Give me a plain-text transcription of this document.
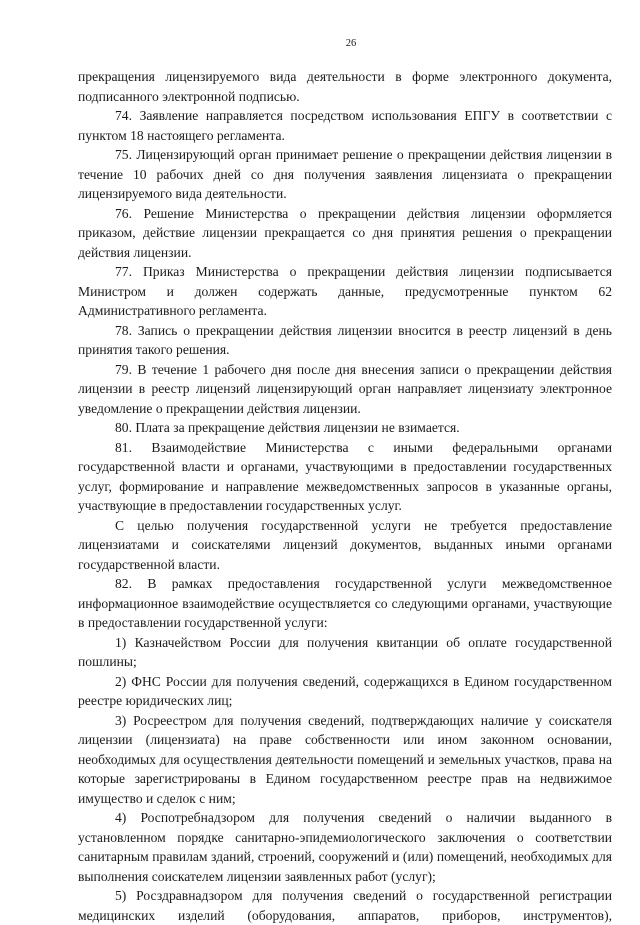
26

прекращения лицензируемого вида деятельности в форме электронного документа, подписанного электронной подписью.

74. Заявление направляется посредством использования ЕПГУ в соответствии с пунктом 18 настоящего регламента.

75. Лицензирующий орган принимает решение о прекращении действия лицензии в течение 10 рабочих дней со дня получения заявления лицензиата о прекращении лицензируемого вида деятельности.

76. Решение Министерства о прекращении действия лицензии оформляется приказом, действие лицензии прекращается со дня принятия решения о прекращении действия лицензии.

77. Приказ Министерства о прекращении действия лицензии подписывается Министром и должен содержать данные, предусмотренные пунктом 62 Административного регламента.

78. Запись о прекращении действия лицензии вносится в реестр лицензий в день принятия такого решения.

79. В течение 1 рабочего дня после дня внесения записи о прекращении действия лицензии в реестр лицензий лицензирующий орган направляет лицензиату электронное уведомление о прекращении действия лицензии.

80. Плата за прекращение действия лицензии не взимается.

81. Взаимодействие Министерства с иными федеральными органами государственной власти и органами, участвующими в предоставлении государственных услуг, формирование и направление межведомственных запросов в указанные органы, участвующие в предоставлении государственных услуг.

С целью получения государственной услуги не требуется предоставление лицензиатами и соискателями лицензий документов, выданных иными органами государственной власти.

82. В рамках предоставления государственной услуги межведомственное информационное взаимодействие осуществляется со следующими органами, участвующие в предоставлении государственной услуги:

1) Казначейством России для получения квитанции об оплате государственной пошлины;

2) ФНС России для получения сведений, содержащихся в Едином государственном реестре юридических лиц;

3) Росреестром для получения сведений, подтверждающих наличие у соискателя лицензии (лицензиата) на праве собственности или ином законном основании, необходимых для осуществления деятельности помещений и земельных участков, права на которые зарегистрированы в Едином государственном реестре прав на недвижимое имущество и сделок с ним;

4) Роспотребнадзором для получения сведений о наличии выданного в установленном порядке санитарно-эпидемиологического заключения о соответствии санитарным правилам зданий, строений, сооружений и (или) помещений, необходимых для выполнения соискателем лицензии заявленных работ (услуг);

5) Росздравнадзором для получения сведений о государственной регистрации медицинских изделий (оборудования, аппаратов, приборов, инструментов),
